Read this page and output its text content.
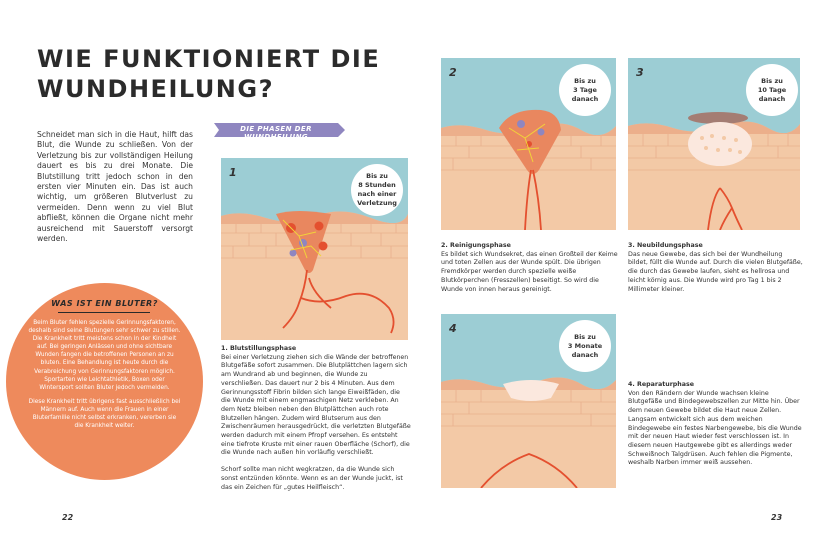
WIE FUNKTIONIERT DIE
WUNDHEILUNG?
Schneidet man sich in die Haut, hilft das Blut, die Wunde zu schließen. Von der Verletzung bis zur vollständigen Heilung dauert es bis zu drei Monate. Die Blutstillung tritt jedoch schon in den ersten vier Minuten ein. Das ist auch wichtig, um größeren Blutverlust zu vermeiden. Denn wenn zu viel Blut abfließt, können die Organe nicht mehr ausreichend mit Sauerstoff versorgt werden.
DIE PHASEN DER WUNDHEILUNG
WAS IST EIN BLUTER?

Beim Bluter fehlen spezielle Gerinnungsfaktoren, deshalb sind seine Blutungen sehr schwer zu stillen. Die Krankheit tritt meistens schon in der Kindheit auf. Bei geringen Anlässen und ohne sichtbare Wunden fangen die betroffenen Personen an zu bluten. Eine Behandlung ist heute durch die Verabreichung von Gerinnungsfaktoren möglich. Sportarten wie Leichtathletik, Boxen oder Wintersport sollten Bluter jedoch vermeiden.

Diese Krankheit tritt übrigens fast ausschließlich bei Männern auf. Auch wenn die Frauen in einer Bluterfamilie nicht selbst erkranken, vererben sie die Krankheit weiter.

1	Bis zu
8 Stunden
nach einer
Verletzung
1. Blutstillungsphase

Bei einer Verletzung ziehen sich die Wände der betroffenen Blutgefäße sofort zusammen. Die Blutplättchen lagern sich am Wundrand ab und beginnen, die Wunde zu verschließen. Das dauert nur 2 bis 4 Minuten. Aus dem Gerinnungsstoff Fibrin bilden sich lange Eiweißfäden, die die Wunde mit einem engmaschigen Netz verkleben. An dem Netz bleiben neben den Blutplättchen auch rote Blutzellen hängen. Zudem wird Blutserum aus den Zwischenräumen herausgedrückt, die verletzten Blutgefäße werden dadurch mit einem Pfropf versehen. Es entsteht eine tiefrote Kruste mit einer rauen Oberfläche (Schorf), die die Wunde nach außen hin vorläufig verschließt.

Schorf sollte man nicht wegkratzen, da die Wunde sich sonst entzünden könnte. Wenn es an der Wunde juckt, ist das ein Zeichen für „gutes Heilfleisch“.

22
2
Bis zu
3 Tage
danach
2. Reinigungsphase

Es bildet sich Wundsekret, das einen Großteil der Keime und toten Zellen aus der Wunde spült. Die übrigen Fremdkörper werden durch spezielle weiße Blutkörperchen (Fresszellen) beseitigt. So wird die Wunde von innen heraus gereinigt.

3
Bis zu
10 Tage
danach
3. Neubildungsphase

Das neue Gewebe, das sich bei der Wundheilung bildet, füllt die Wunde auf. Durch die vielen Blutgefäße, die durch das Gewebe laufen, sieht es hellrosa und leicht körnig aus. Die Wunde wird pro Tag 1 bis 2 Millimeter kleiner.

4
Bis zu
3 Monate
danach
4. Reparaturphase

Von den Rändern der Wunde wachsen kleine Blutgefäße und Bindegewebszellen zur Mitte hin. Über dem neuen Gewebe bildet die Haut neue Zellen. Langsam entwickelt sich aus dem weichen Bindegewebe ein festes Narbengewebe, bis die Wunde mit der neuen Haut wieder fest verschlossen ist. In diesem neuen Hautgewebe gibt es allerdings weder Schweißnoch Talgdrüsen. Auch fehlen die Pigmente, weshalb Narben immer weiß aussehen.

23
